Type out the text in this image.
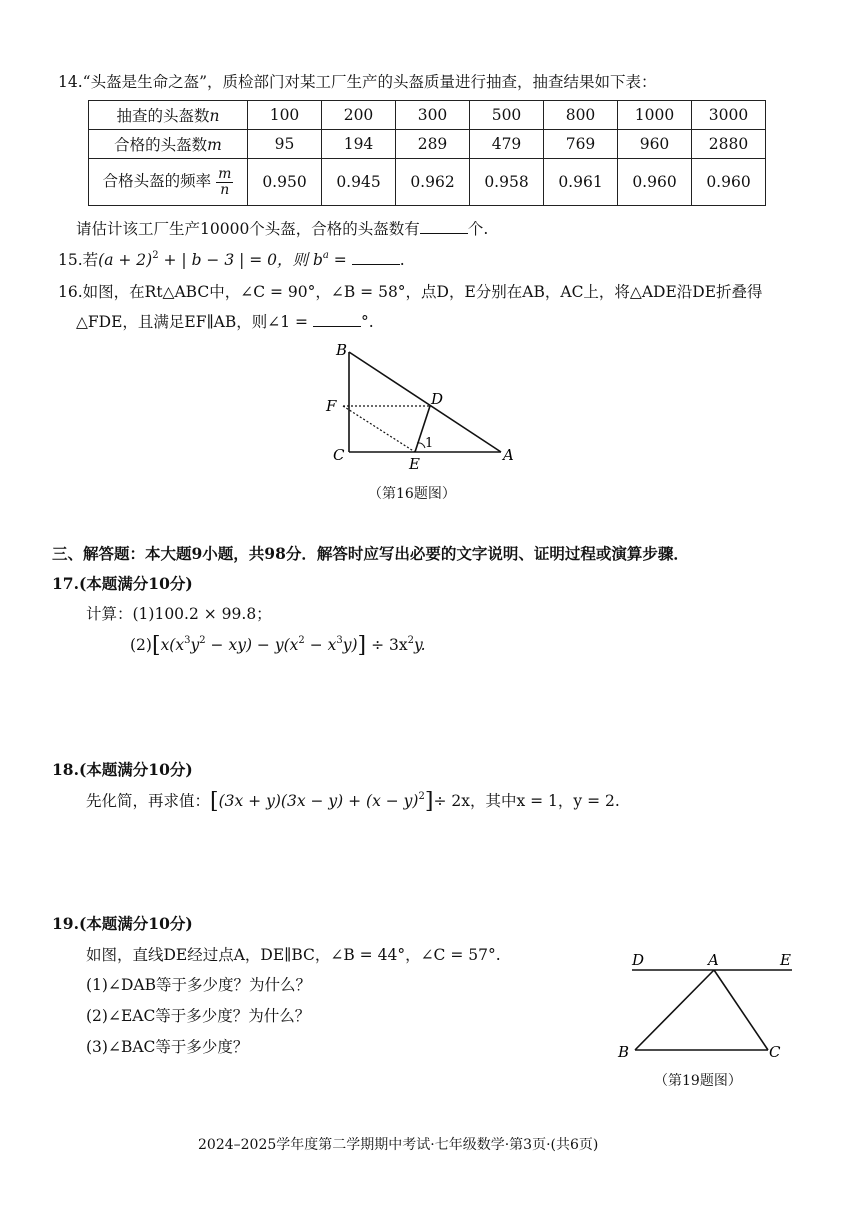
14.“头盔是生命之盔”，质检部门对某工厂生产的头盔质量进行抽查，抽查结果如下表：
抽查的头盔数n	100	200	300	500	800	1000	3000
合格的头盔数m	95	194	289	479	769	960	2880
合格头盔的频率 $\frac{m}{n}$	0.950	0.945	0.962	0.958	0.961	0.960	0.960
请估计该工厂生产10000个头盔，合格的头盔数有	个.
15.若$(a + 2)^2$ + | b − 3 | = 0，则 $b^a$ =	.
16.如图，在Rt△ABC中，∠C = 90°，∠B = 58°，点D，E分别在AB，AC上，将△ADE沿DE折叠得
△FDE，且满足EF∥AB，则∠1 =	°.
B
D
F
C	E	A
1
（第16题图）
三、解答题：本大题9小题，共98分．解答时应写出必要的文字说明、证明过程或演算步骤．
17.(本题满分10分)
计算：(1)100.2 × 99.8；
$(2)[x(x^3y^2 - xy) - y(x^2 - x^3y)] \div 3x^2y$.
18.(本题满分10分)
先化简，再求值：$[(3x + y)(3x - y) + (x - y)^2]\div 2x$，其中x = 1，y = 2.
19.(本题满分10分)
如图，直线DE经过点A，DE∥BC，∠B = 44°，∠C = 57°.
(1)∠DAB等于多少度？为什么？
(2)∠EAC等于多少度？为什么？
(3)∠BAC等于多少度？
D	A	E
B	C
（第19题图）
2024–2025学年度第二学期期中考试·七年级数学·第3页·(共6页)
